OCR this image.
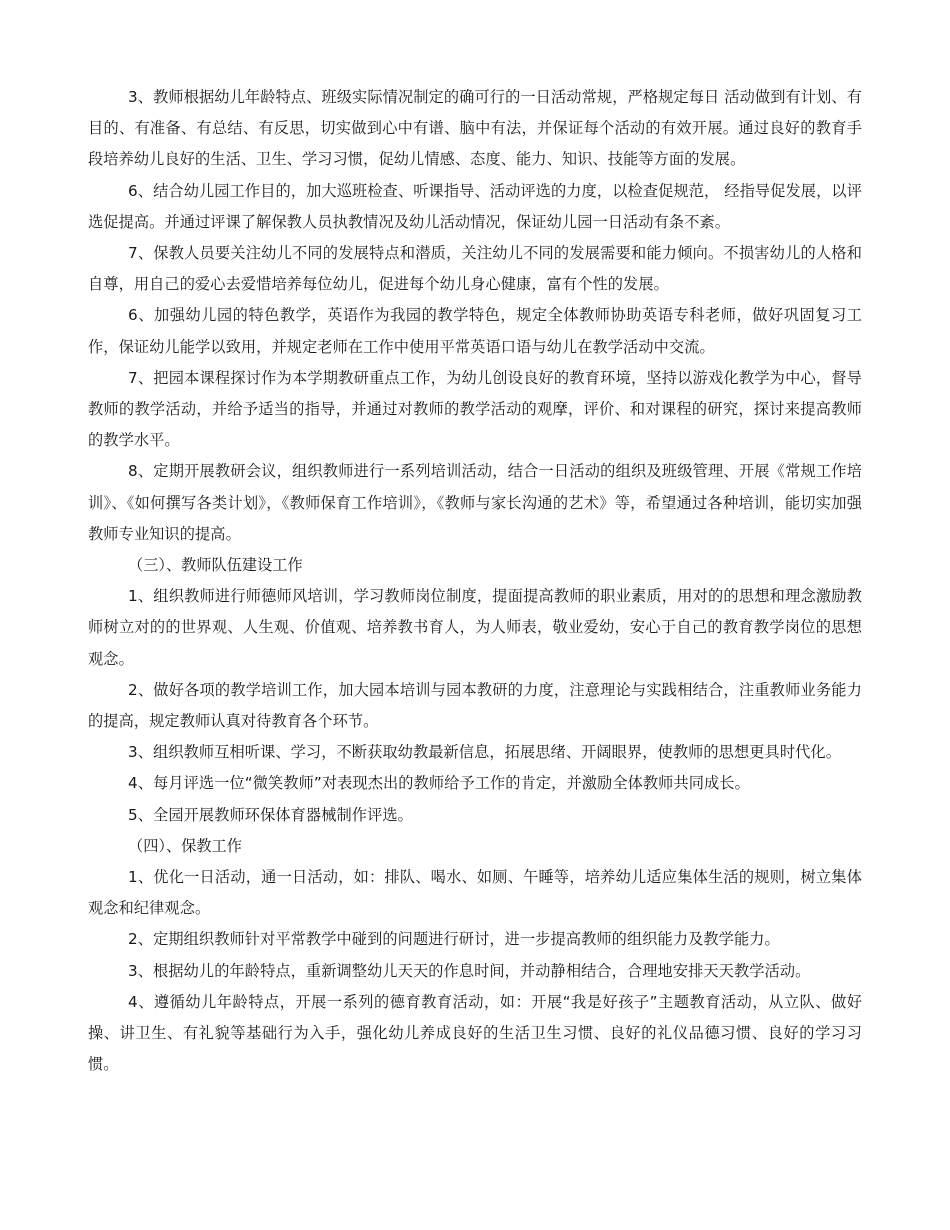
3、教师根据幼儿年龄特点、班级实际情况制定的确可行的一日活动常规，严格规定每日 活动做到有计划、有目的、有准备、有总结、有反思，切实做到心中有谱、脑中有法，并保证每个活动的有效开展。通过良好的教育手段培养幼儿良好的生活、卫生、学习习惯，促幼儿情感、态度、能力、知识、技能等方面的发展。

6、结合幼儿园工作目的，加大巡班检查、听课指导、活动评选的力度，以检查促规范， 经指导促发展，以评选促提高。并通过评课了解保教人员执教情况及幼儿活动情况，保证幼儿园一日活动有条不紊。

7、保教人员要关注幼儿不同的发展特点和潜质，关注幼儿不同的发展需要和能力倾向。不损害幼儿的人格和自尊，用自己的爱心去爱惜培养每位幼儿，促进每个幼儿身心健康，富有个性的发展。

6、加强幼儿园的特色教学，英语作为我园的教学特色，规定全体教师协助英语专科老师，做好巩固复习工作，保证幼儿能学以致用，并规定老师在工作中使用平常英语口语与幼儿在教学活动中交流。

7、把园本课程探讨作为本学期教研重点工作，为幼儿创设良好的教育环境，坚持以游戏化教学为中心，督导教师的教学活动，并给予适当的指导，并通过对教师的教学活动的观摩，评价、和对课程的研究，探讨来提高教师的教学水平。

8、定期开展教研会议，组织教师进行一系列培训活动，结合一日活动的组织及班级管理、开展《常规工作培训》、《如何撰写各类计划》，《教师保育工作培训》，《教师与家长沟通的艺术》等，希望通过各种培训，能切实加强教师专业知识的提高。

（三）、教师队伍建设工作

1、组织教师进行师德师风培训，学习教师岗位制度，提面提高教师的职业素质，用对的的思想和理念激励教师树立对的的世界观、人生观、价值观、培养教书育人，为人师表，敬业爱幼，安心于自己的教育教学岗位的思想观念。

2、做好各项的教学培训工作，加大园本培训与园本教研的力度，注意理论与实践相结合，注重教师业务能力的提高，规定教师认真对待教育各个环节。

3、组织教师互相听课、学习，不断获取幼教最新信息，拓展思绪、开阔眼界，使教师的思想更具时代化。

4、每月评选一位“微笑教师”对表现杰出的教师给予工作的肯定，并激励全体教师共同成长。

5、全园开展教师环保体育器械制作评选。

（四）、保教工作

1、优化一日活动，通一日活动，如：排队、喝水、如厕、午睡等，培养幼儿适应集体生活的规则，树立集体观念和纪律观念。

2、定期组织教师针对平常教学中碰到的问题进行研讨，进一步提高教师的组织能力及教学能力。

3、根据幼儿的年龄特点，重新调整幼儿天天的作息时间，并动静相结合，合理地安排天天教学活动。

4、遵循幼儿年龄特点，开展一系列的德育教育活动，如：开展“我是好孩子”主题教育活动，从立队、做好操、讲卫生、有礼貌等基础行为入手，强化幼儿养成良好的生活卫生习惯、良好的礼仪品德习惯、良好的学习习惯。
